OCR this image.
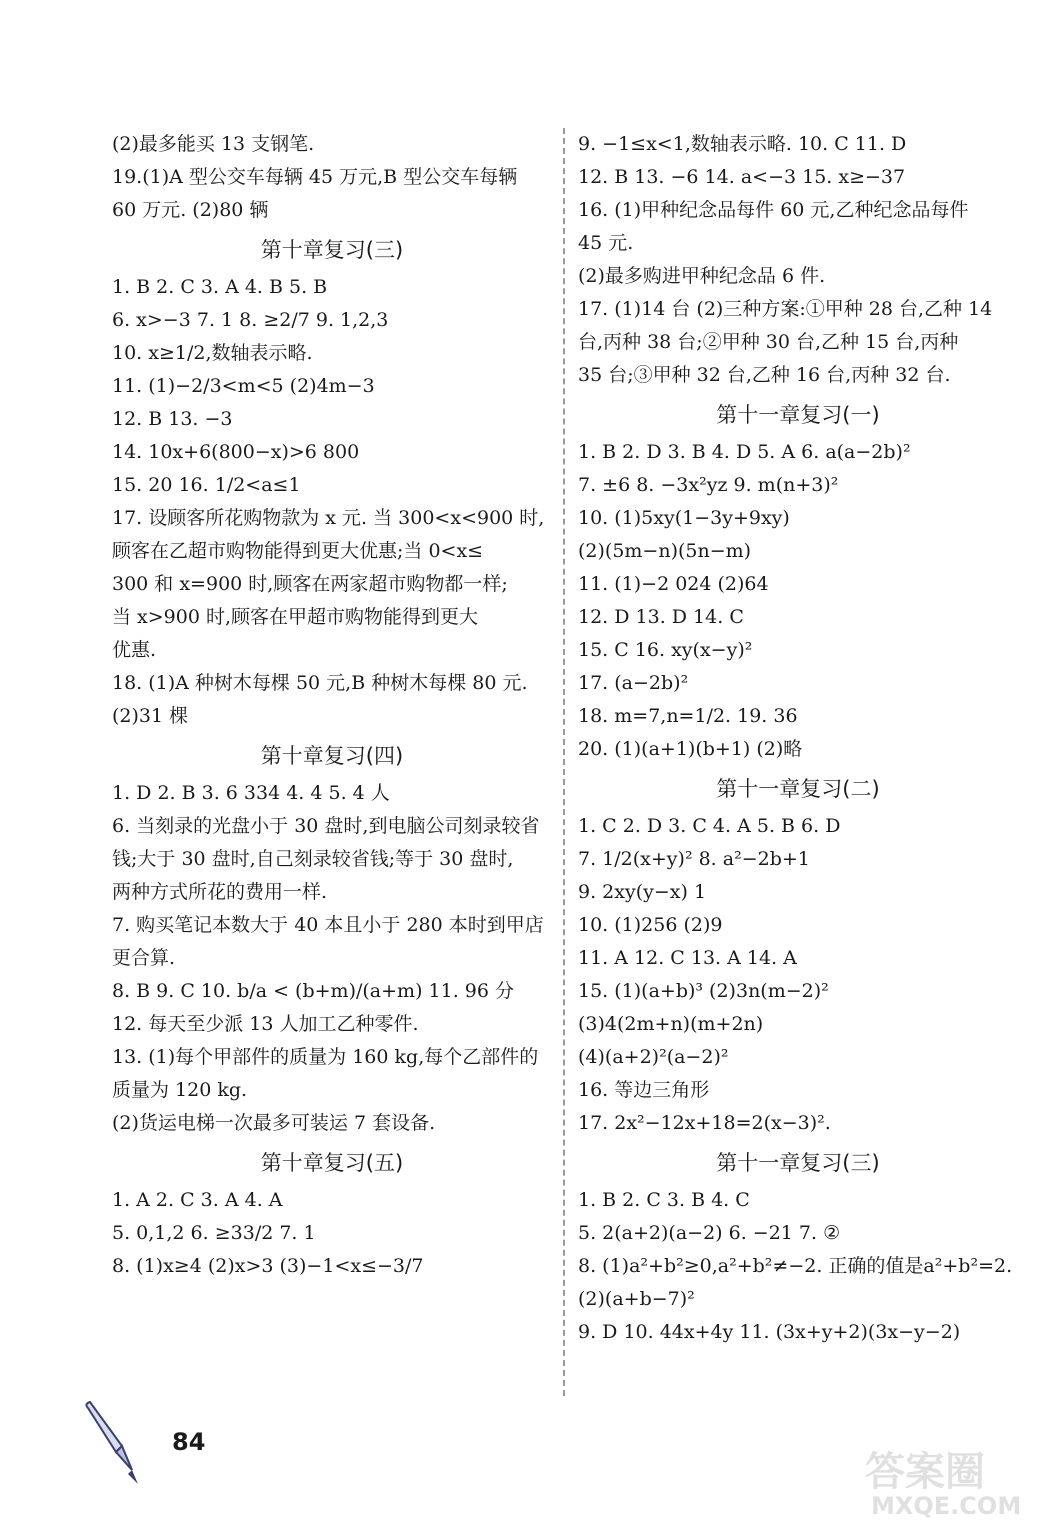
(2)最多能买 13 支钢笔.
19.(1)A 型公交车每辆 45 万元,B 型公交车每辆
60 万元. (2)80 辆
第十章复习(三)
1. B 2. C 3. A 4. B 5. B
6. x>−3 7. 1 8. ≥2/7 9. 1,2,3
10. x≥1/2,数轴表示略.
11. (1)−2/3<m<5 (2)4m−3
12. B 13. −3
14. 10x+6(800−x)>6 800
15. 20 16. 1/2<a≤1
17. 设顾客所花购物款为 x 元. 当 300<x<900 时,
顾客在乙超市购物能得到更大优惠;当 0<x≤
300 和 x=900 时,顾客在两家超市购物都一样;
当 x>900 时,顾客在甲超市购物能得到更大
优惠.
18. (1)A 种树木每棵 50 元,B 种树木每棵 80 元.
(2)31 棵
第十章复习(四)
1. D 2. B 3. 6 334 4. 4 5. 4 人
6. 当刻录的光盘小于 30 盘时,到电脑公司刻录较省
钱;大于 30 盘时,自己刻录较省钱;等于 30 盘时,
两种方式所花的费用一样.
7. 购买笔记本数大于 40 本且小于 280 本时到甲店
更合算.
8. B 9. C 10. b/a < (b+m)/(a+m) 11. 96 分
12. 每天至少派 13 人加工乙种零件.
13. (1)每个甲部件的质量为 160 kg,每个乙部件的
质量为 120 kg.
(2)货运电梯一次最多可装运 7 套设备.
第十章复习(五)
1. A 2. C 3. A 4. A
5. 0,1,2 6. ≥33/2 7. 1
8. (1)x≥4 (2)x>3 (3)−1<x≤−3/7
9. −1≤x<1,数轴表示略. 10. C 11. D
12. B 13. −6 14. a<−3 15. x≥−37
16. (1)甲种纪念品每件 60 元,乙种纪念品每件
45 元.
(2)最多购进甲种纪念品 6 件.
17. (1)14 台 (2)三种方案:①甲种 28 台,乙种 14
台,丙种 38 台;②甲种 30 台,乙种 15 台,丙种
35 台;③甲种 32 台,乙种 16 台,丙种 32 台.
第十一章复习(一)
1. B 2. D 3. B 4. D 5. A 6. a(a−2b)²
7. ±6 8. −3x²yz 9. m(n+3)²
10. (1)5xy(1−3y+9xy)
(2)(5m−n)(5n−m)
11. (1)−2 024 (2)64
12. D 13. D 14. C
15. C 16. xy(x−y)²
17. (a−2b)²
18. m=7,n=1/2. 19. 36
20. (1)(a+1)(b+1) (2)略
第十一章复习(二)
1. C 2. D 3. C 4. A 5. B 6. D
7. 1/2(x+y)² 8. a²−2b+1
9. 2xy(y−x) 1
10. (1)256 (2)9
11. A 12. C 13. A 14. A
15. (1)(a+b)³ (2)3n(m−2)²
(3)4(2m+n)(m+2n)
(4)(a+2)²(a−2)²
16. 等边三角形
17. 2x²−12x+18=2(x−3)².
第十一章复习(三)
1. B 2. C 3. B 4. C
5. 2(a+2)(a−2) 6. −21 7. ②
8. (1)a²+b²≥0,a²+b²≠−2. 正确的值是a²+b²=2.
(2)(a+b−7)²
9. D 10. 44x+4y 11. (3x+y+2)(3x−y−2)
84
答案圈
MXQE.COM
